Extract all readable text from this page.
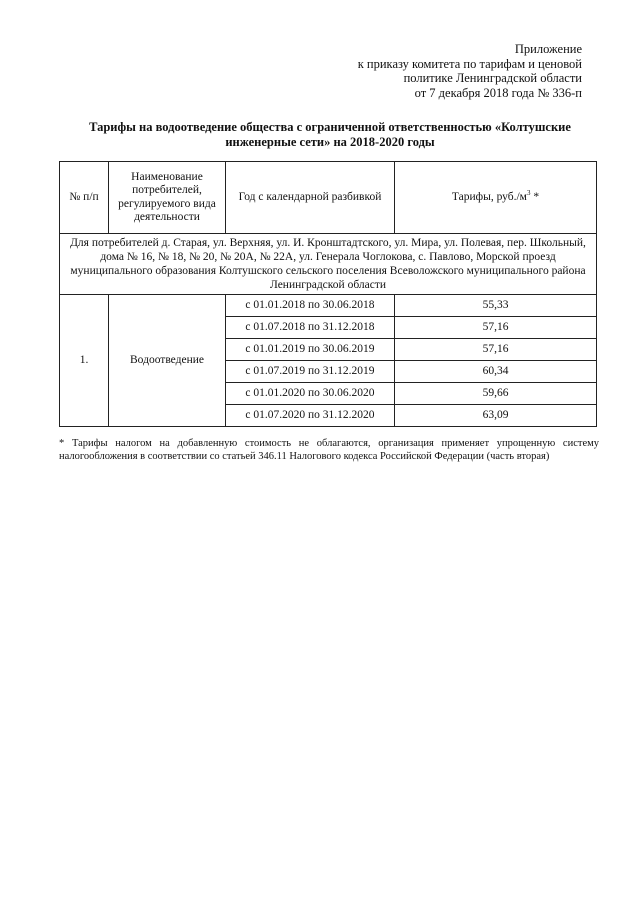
Приложение
к приказу комитета по тарифам и ценовой
политике Ленинградской области
от 7 декабря 2018 года № 336-п
Тарифы на водоотведение общества с ограниченной ответственностью «Колтушские
инженерные сети» на 2018-2020 годы
№ п/п	Наименование потребителей, регулируемого вида деятельности	Год с календарной разбивкой	Тарифы, $руб./м^3$ *
Для потребителей д. Старая, ул. Верхняя, ул. И. Кронштадтского, ул. Мира, ул. Полевая, пер. Школьный, дома № 16, № 18, № 20, № 20А, № 22А, ул. Генерала Чоглокова, с. Павлово, Морской проезд муниципального образования Колтушского сельского поселения Всеволожского муниципального района Ленинградской области			
1.	Водоотведение	с 01.01.2018 по 30.06.2018	55,33
		с 01.07.2018 по 31.12.2018	57,16
		с 01.01.2019 по 30.06.2019	57,16
		с 01.07.2019 по 31.12.2019	60,34
		с 01.01.2020 по 30.06.2020	59,66
		с 01.07.2020 по 31.12.2020	63,09
* Тарифы налогом на добавленную стоимость не облагаются, организация применяет упрощенную систему налогообложения в соответствии со статьей 346.11 Налогового кодекса Российской Федерации (часть вторая)
